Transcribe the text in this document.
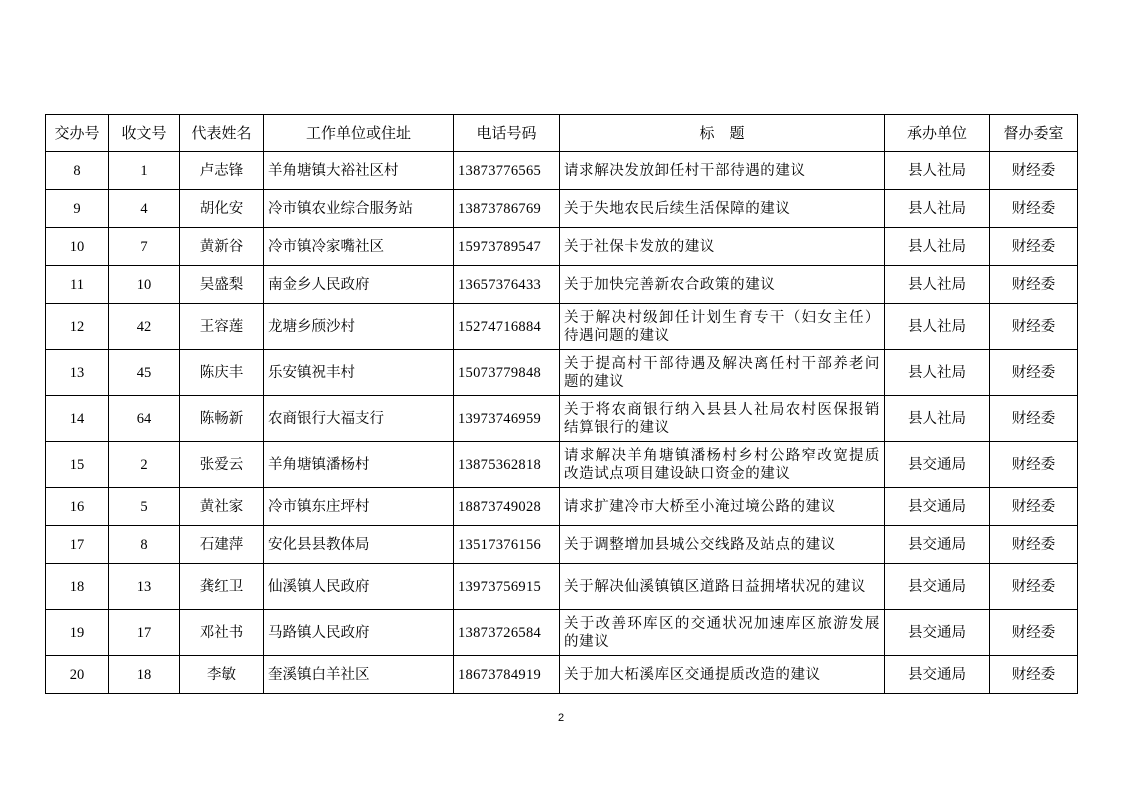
交办号	收文号	代表姓名	工作单位或住址	电话号码	标　题	承办单位	督办委室
8	1	卢志锋	羊角塘镇大裕社区村	13873776565	请求解决发放卸任村干部待遇的建议	县人社局	财经委
9	4	胡化安	冷市镇农业综合服务站	13873786769	关于失地农民后续生活保障的建议	县人社局	财经委
10	7	黄新谷	冷市镇冷家嘴社区	15973789547	关于社保卡发放的建议	县人社局	财经委
11	10	吴盛梨	南金乡人民政府	13657376433	关于加快完善新农合政策的建议	县人社局	财经委
12	42	王容莲	龙塘乡颀沙村	15274716884	关于解决村级卸任计划生育专干（妇女主任）待遇问题的建议	县人社局	财经委
13	45	陈庆丰	乐安镇祝丰村	15073779848	关于提高村干部待遇及解决离任村干部养老问题的建议	县人社局	财经委
14	64	陈畅新	农商银行大福支行	13973746959	关于将农商银行纳入县县人社局农村医保报销结算银行的建议	县人社局	财经委
15	2	张爱云	羊角塘镇潘杨村	13875362818	请求解决羊角塘镇潘杨村乡村公路窄改宽提质改造试点项目建设缺口资金的建议	县交通局	财经委
16	5	黄社家	冷市镇东庄坪村	18873749028	请求扩建冷市大桥至小淹过境公路的建议	县交通局	财经委
17	8	石建萍	安化县县教体局	13517376156	关于调整增加县城公交线路及站点的建议	县交通局	财经委
18	13	龚红卫	仙溪镇人民政府	13973756915	关于解决仙溪镇镇区道路日益拥堵状况的建议	县交通局	财经委
19	17	邓社书	马路镇人民政府	13873726584	关于改善环库区的交通状况加速库区旅游发展的建议	县交通局	财经委
20	18	李敏	奎溪镇白羊社区	18673784919	关于加大柘溪库区交通提质改造的建议	县交通局	财经委
2
